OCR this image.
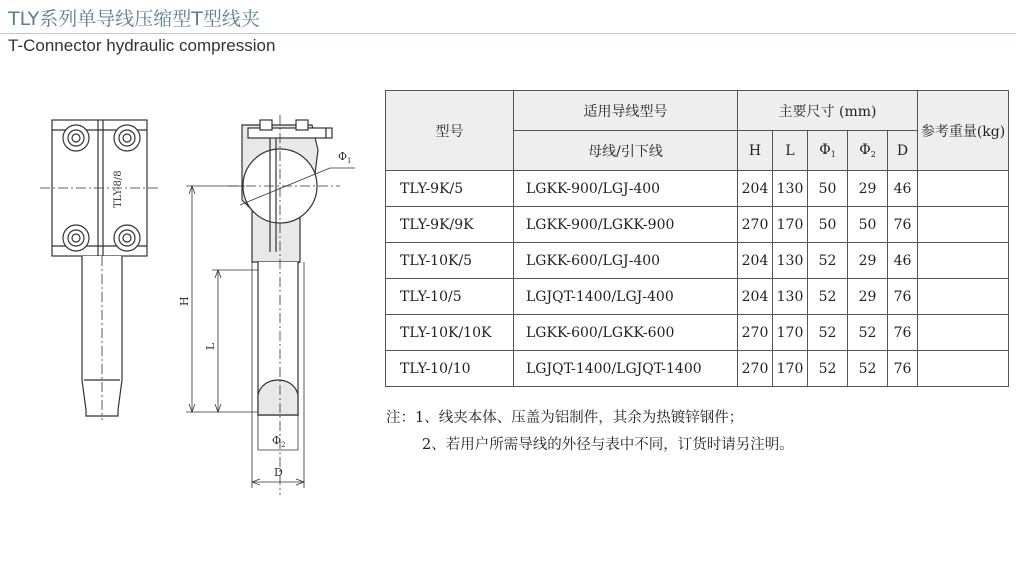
TLY系列单导线压缩型T型线夹
T-Connector hydraulic compression
TLY-8/8
H
L
Φ 1
Φ 2
D
型号	适用导线型号	主要尺寸 (mm)					参考重量(kg)
	母线/引下线	H	L	$\Phi_1$	$\Phi_2$	D	
TLY-9K/5	LGKK-900/LGJ-400	204	130	50	29	46	
TLY-9K/9K	LGKK-900/LGKK-900	270	170	50	50	76	
TLY-10K/5	LGKK-600/LGJ-400	204	130	52	29	46	
TLY-10/5	LGJQT-1400/LGJ-400	204	130	52	29	76	
TLY-10K/10K	LGKK-600/LGKK-600	270	170	52	52	76	
TLY-10/10	LGJQT-1400/LGJQT-1400	270	170	52	52	76	
注：1、线夹本体、压盖为铝制件，其余为热镀锌钢件；
2、若用户所需导线的外径与表中不同，订货时请另注明。
